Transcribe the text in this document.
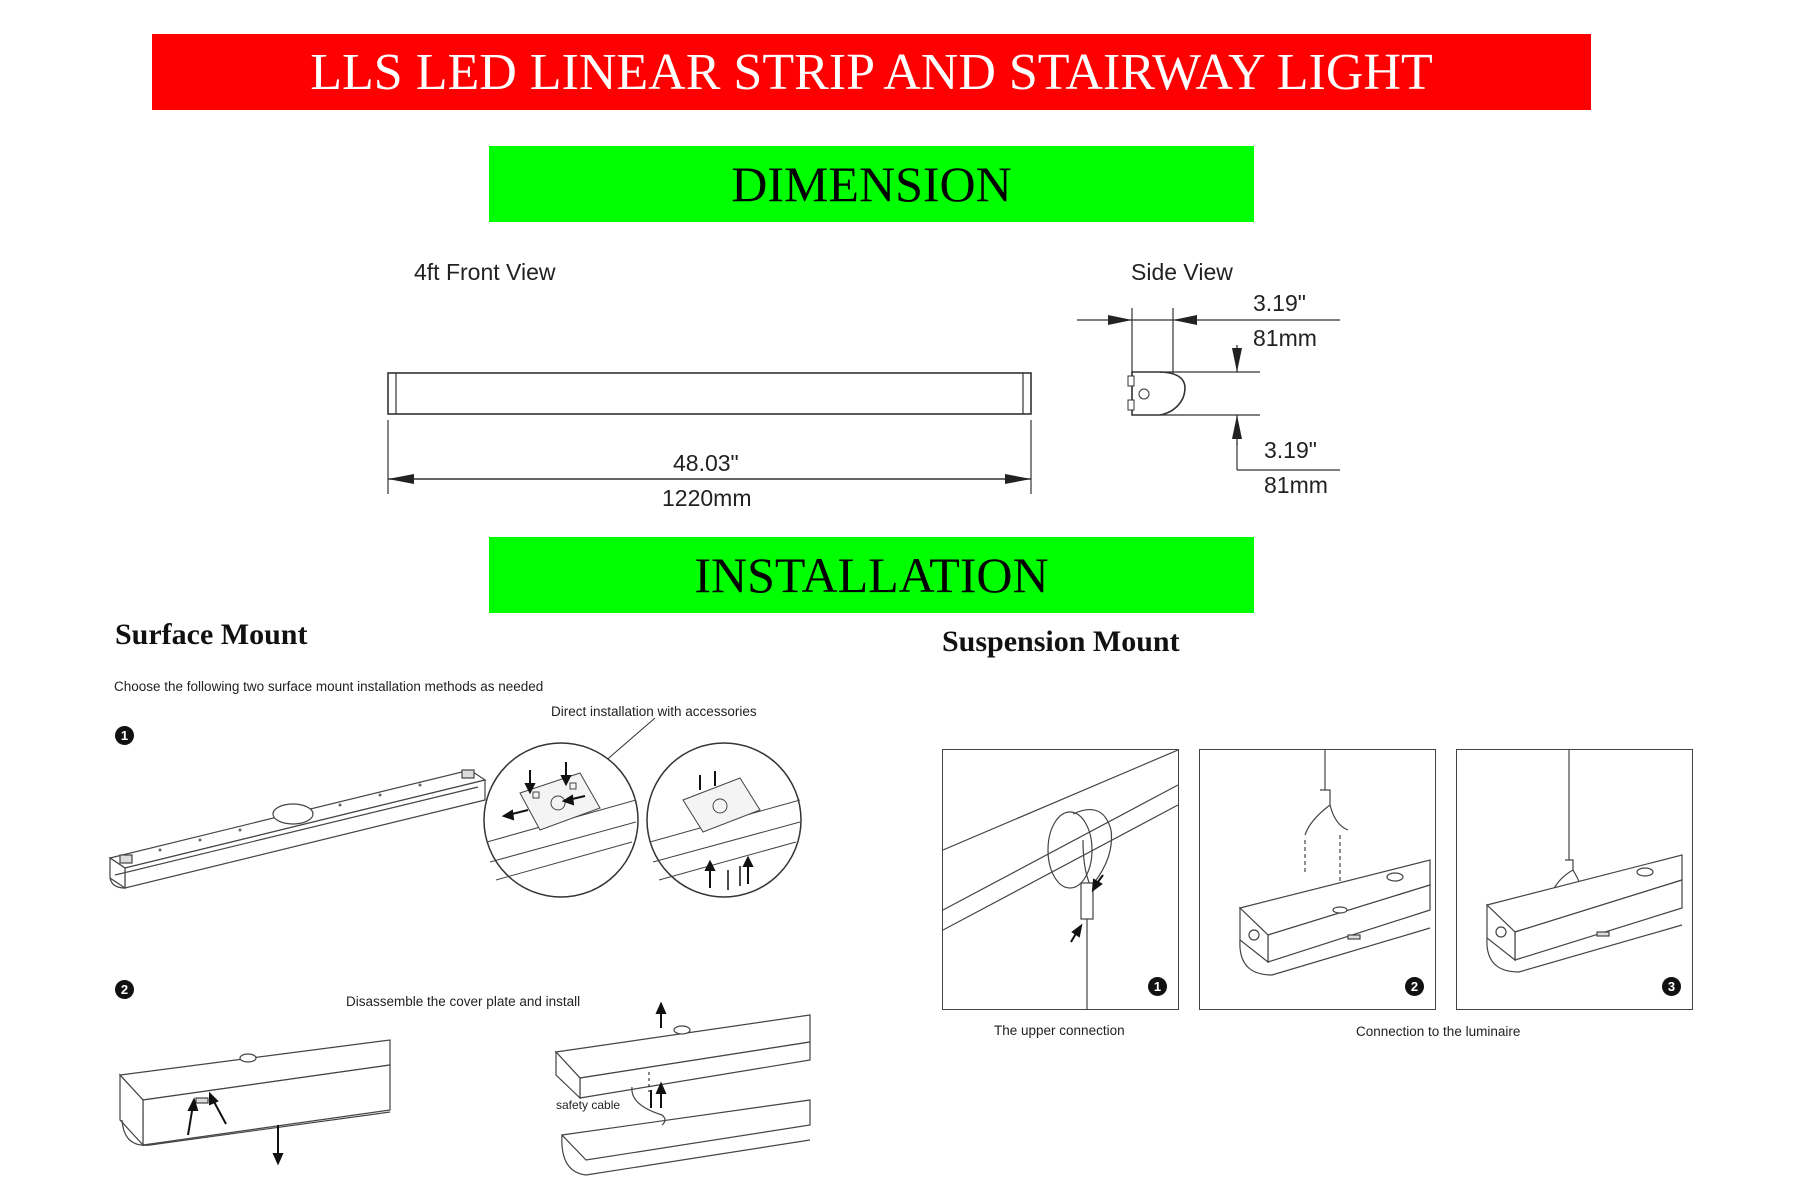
LLS LED LINEAR STRIP AND STAIRWAY LIGHT
DIMENSION
4ft Front View	Side View
48.03"
1220mm
3.19"
81mm
3.19"
81mm
INSTALLATION
Surface Mount
Choose the following two surface mount installation methods as needed
Direct installation with accessories
1
2
Disassemble the cover plate and install
safety cable
Suspension Mount
1	2	3
The upper connection	Connection to the luminaire
